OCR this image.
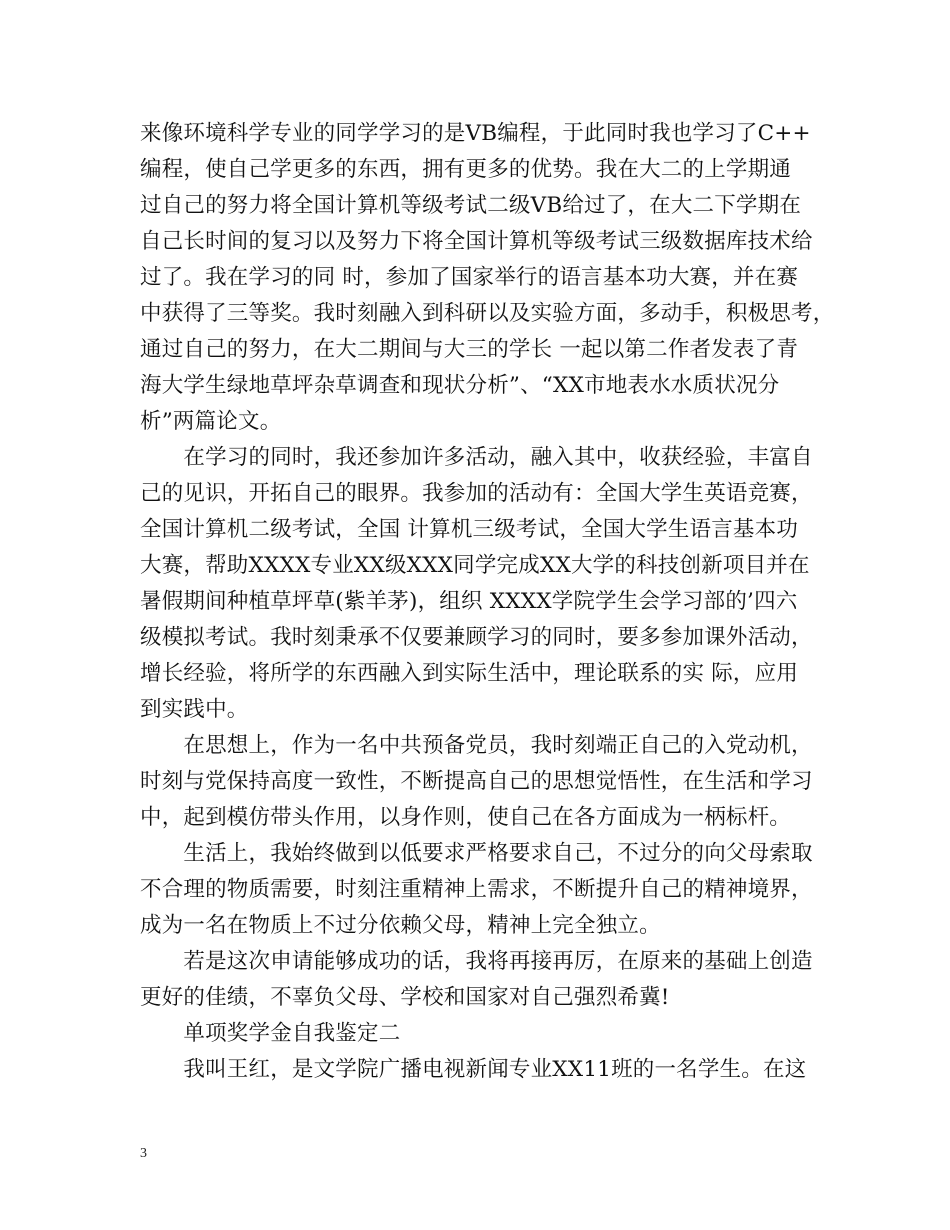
来像环境科学专业的同学学习的是VB编程，于此同时我也学习了C++
编程，使自己学更多的东西，拥有更多的优势。我在大二的上学期通
过自己的努力将全国计算机等级考试二级VB给过了，在大二下学期在
自己长时间的复习以及努力下将全国计算机等级考试三级数据库技术给
过了。我在学习的同 时，参加了国家举行的语言基本功大赛，并在赛
中获得了三等奖。我时刻融入到科研以及实验方面，多动手，积极思考，
通过自己的努力，在大二期间与大三的学长 一起以第二作者发表了青
海大学生绿地草坪杂草调查和现状分析”、“XX市地表水水质状况分
析”两篇论文。
　　在学习的同时，我还参加许多活动，融入其中，收获经验，丰富自
己的见识，开拓自己的眼界。我参加的活动有：全国大学生英语竞赛，
全国计算机二级考试，全国 计算机三级考试，全国大学生语言基本功
大赛，帮助XXXX专业XX级XXX同学完成XX大学的科技创新项目并在
暑假期间种植草坪草(紫羊茅)，组织 XXXX学院学生会学习部的’四六
级模拟考试。我时刻秉承不仅要兼顾学习的同时，要多参加课外活动，
增长经验，将所学的东西融入到实际生活中，理论联系的实 际，应用
到实践中。
　　在思想上，作为一名中共预备党员，我时刻端正自己的入党动机，
时刻与党保持高度一致性，不断提高自己的思想觉悟性，在生活和学习
中，起到模仿带头作用，以身作则，使自己在各方面成为一柄标杆。
　　生活上，我始终做到以低要求严格要求自己，不过分的向父母索取
不合理的物质需要，时刻注重精神上需求，不断提升自己的精神境界，
成为一名在物质上不过分依赖父母，精神上完全独立。
　　若是这次申请能够成功的话，我将再接再厉，在原来的基础上创造
更好的佳绩，不辜负父母、学校和国家对自己强烈希冀!
　　单项奖学金自我鉴定二
　　我叫王红，是文学院广播电视新闻专业XX11班的一名学生。在这
3
